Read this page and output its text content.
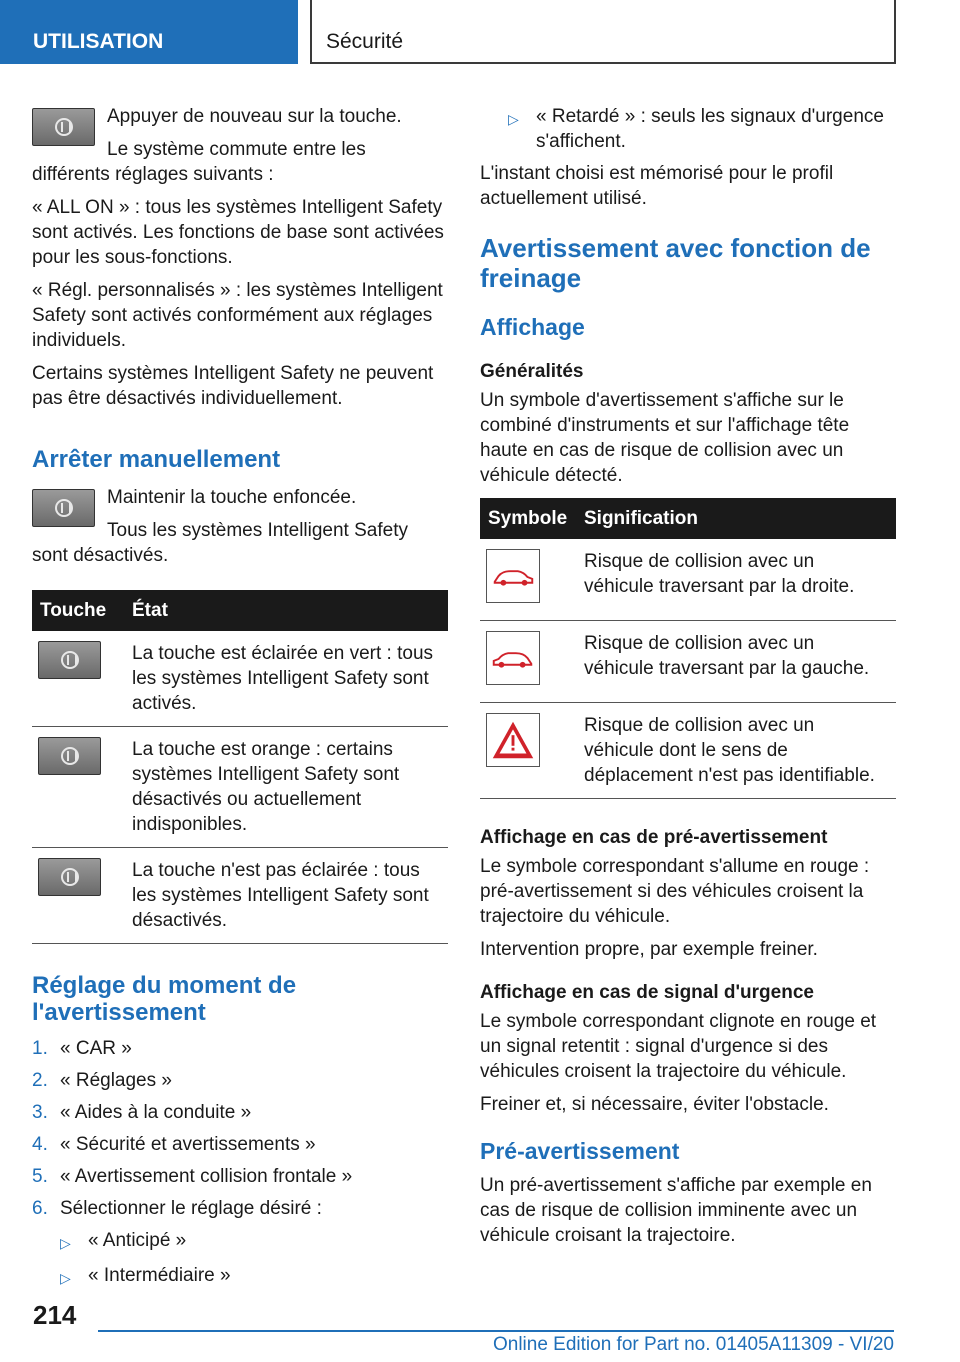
UTILISATION	Sécurité

Appuyer de nouveau sur la touche.

Le système commute entre les différents réglages suivants :

« ALL ON » : tous les systèmes Intelligent Safety sont activés. Les fonctions de base sont activées pour les sous-fonctions.

« Régl. personnalisés » : les systèmes Intelligent Safety sont activés conformément aux réglages individuels.

Certains systèmes Intelligent Safety ne peuvent pas être désactivés individuellement.

Arrêter manuellement

Maintenir la touche enfoncée.

Tous les systèmes Intelligent Safety sont désactivés.

Touche	État

	La touche est éclairée en vert : tous les systèmes Intelligent Safety sont activés.

	La touche est orange : certains systèmes Intelligent Safety sont désactivés ou actuellement indisponibles.

	La touche n'est pas éclairée : tous les systèmes Intelligent Safety sont désactivés.
Réglage du moment de l'avertissement
1. « CAR »
2. « Réglages »
3. « Aides à la conduite »
4. « Sécurité et avertissements »
5. « Avertissement collision frontale »
6. Sélectionner le réglage désiré :
▷ « Anticipé »
▷ « Intermédiaire »
▷ « Retardé » : seuls les signaux d'urgence s'affichent.

L'instant choisi est mémorisé pour le profil actuellement utilisé.

Avertissement avec fonction de freinage
Affichage
Généralités

Un symbole d'avertissement s'affiche sur le combiné d'instruments et sur l'affichage tête haute en cas de risque de collision avec un véhicule détecté.

Symbole	Signification
	Risque de collision avec un véhicule traversant par la droite.
	Risque de collision avec un véhicule traversant par la gauche.
	Risque de collision avec un véhicule dont le sens de déplacement n'est pas identifiable.
Affichage en cas de pré-avertissement

Le symbole correspondant s'allume en rouge : pré-avertissement si des véhicules croisent la trajectoire du véhicule.

Intervention propre, par exemple freiner.

Affichage en cas de signal d'urgence

Le symbole correspondant clignote en rouge et un signal retentit : signal d'urgence si des véhicules croisent la trajectoire du véhicule.

Freiner et, si nécessaire, éviter l'obstacle.

Pré-avertissement

Un pré-avertissement s'affiche par exemple en cas de risque de collision imminente avec un véhicule croisant la trajectoire.

214
Online Edition for Part no. 01405A11309 - VI/20
